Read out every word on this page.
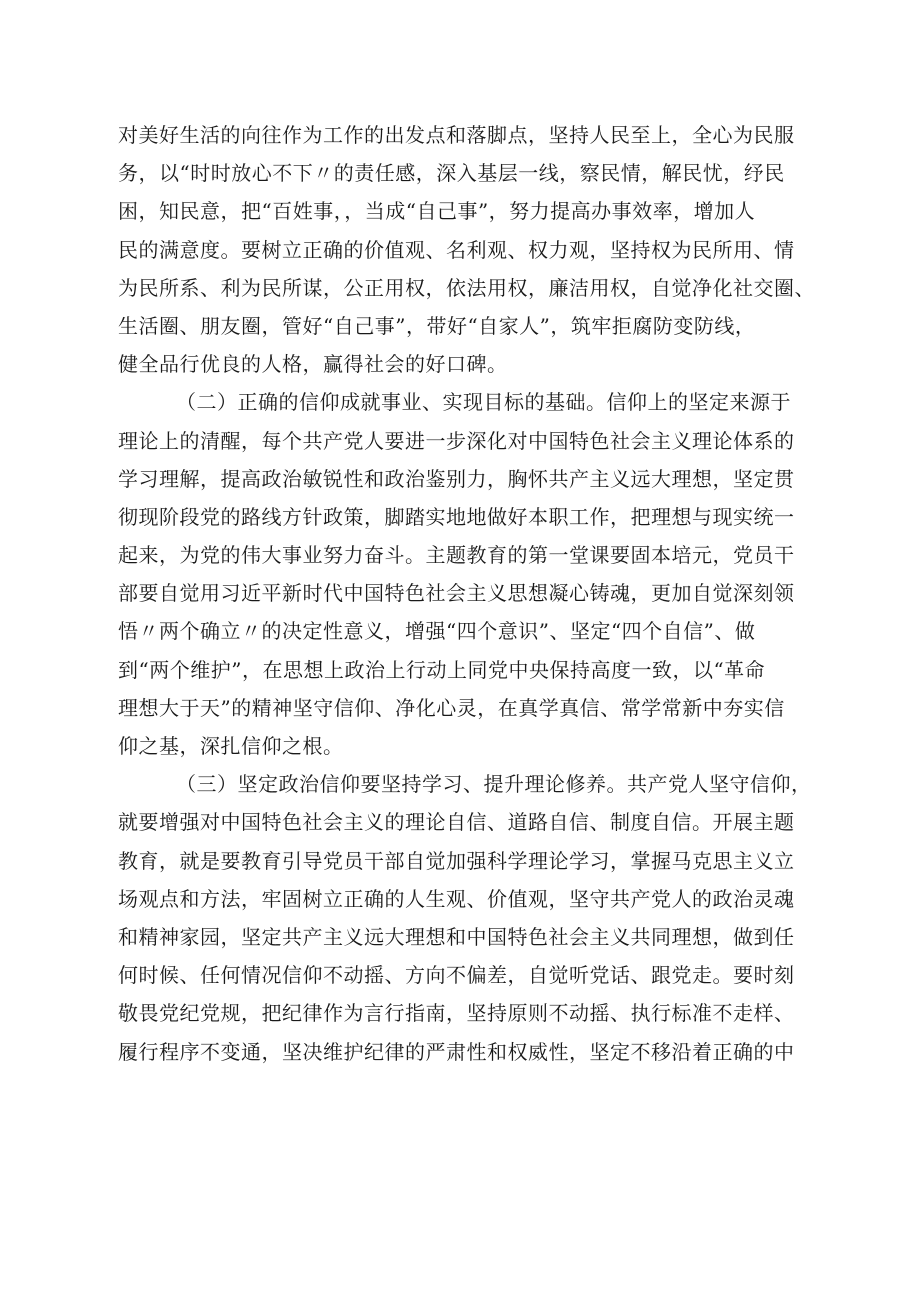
对美好生活的向往作为工作的出发点和落脚点，坚持人民至上，全心为民服
务，以“时时放心不下〃的责任感，深入基层一线，察民情，解民忧，纾民
困，知民意，把“百姓事，，当成“自己事”，努力提高办事效率，增加人
民的满意度。要树立正确的价值观、名利观、权力观，坚持权为民所用、情
为民所系、利为民所谋，公正用权，依法用权，廉洁用权，自觉净化社交圈、
生活圈、朋友圈，管好“自己事”，带好“自家人”，筑牢拒腐防变防线，
健全品行优良的人格，赢得社会的好口碑。
（二）正确的信仰成就事业、实现目标的基础。信仰上的坚定来源于
理论上的清醒，每个共产党人要进一步深化对中国特色社会主义理论体系的
学习理解，提高政治敏锐性和政治鉴别力，胸怀共产主义远大理想，坚定贯
彻现阶段党的路线方针政策，脚踏实地地做好本职工作，把理想与现实统一
起来，为党的伟大事业努力奋斗。主题教育的第一堂课要固本培元，党员干
部要自觉用习近平新时代中国特色社会主义思想凝心铸魂，更加自觉深刻领
悟〃两个确立〃的决定性意义，增强“四个意识”、坚定“四个自信”、做
到“两个维护”，在思想上政治上行动上同党中央保持高度一致，以“革命
理想大于天”的精神坚守信仰、净化心灵，在真学真信、常学常新中夯实信
仰之基，深扎信仰之根。
（三）坚定政治信仰要坚持学习、提升理论修养。共产党人坚守信仰，
就要增强对中国特色社会主义的理论自信、道路自信、制度自信。开展主题
教育，就是要教育引导党员干部自觉加强科学理论学习，掌握马克思主义立
场观点和方法，牢固树立正确的人生观、价值观，坚守共产党人的政治灵魂
和精神家园，坚定共产主义远大理想和中国特色社会主义共同理想，做到任
何时候、任何情况信仰不动摇、方向不偏差，自觉听党话、跟党走。要时刻
敬畏党纪党规，把纪律作为言行指南，坚持原则不动摇、执行标准不走样、
履行程序不变通，坚决维护纪律的严肃性和权威性，坚定不移沿着正确的中
